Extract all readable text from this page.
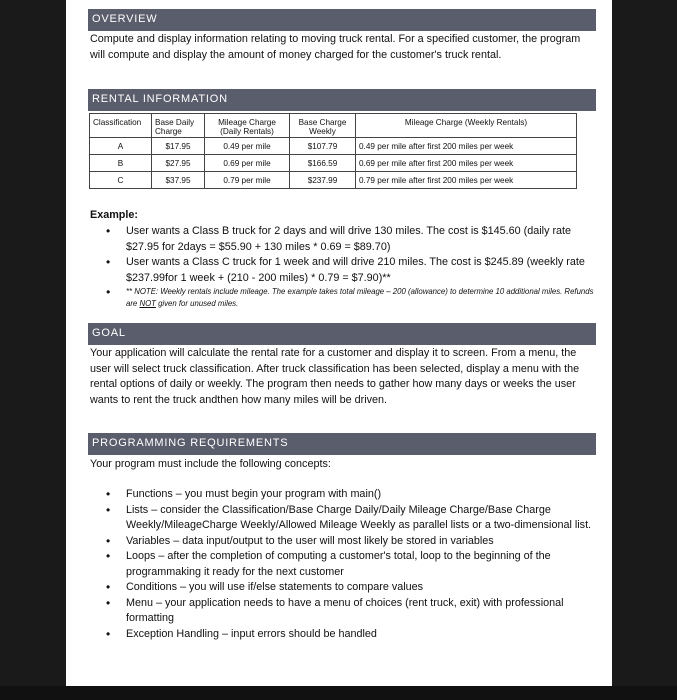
OVERVIEW
Compute and display information relating to moving truck rental. For a specified customer, the program will compute and display the amount of money charged for the customer's truck rental.
RENTAL INFORMATION
Classification	Base Daily Charge	Mileage Charge (Daily Rentals)	Base Charge Weekly	Mileage Charge (Weekly Rentals)
A	$17.95	0.49 per mile	$107.79	0.49 per mile after first 200 miles per week
B	$27.95	0.69 per mile	$166.59	0.69 per mile after first 200 miles per week
C	$37.95	0.79 per mile	$237.99	0.79 per mile after first 200 miles per week
Example:
• User wants a Class B truck for 2 days and will drive 130 miles. The cost is $145.60 (daily rate $27.95 for 2days = $55.90 + 130 miles * 0.69 = $89.70)
• User wants a Class C truck for 1 week and will drive 210 miles. The cost is $245.89 (weekly rate $237.99for 1 week + (210 - 200 miles) * 0.79 = $7.90)**
• ** NOTE: Weekly rentals include mileage. The example takes total mileage – 200 (allowance) to determine 10 additional miles. Refunds are NOT given for unused miles.
GOAL
Your application will calculate the rental rate for a customer and display it to screen. From a menu, the user will select truck classification. After truck classification has been selected, display a menu with the rental options of daily or weekly. The program then needs to gather how many days or weeks the user wants to rent the truck andthen how many miles will be driven.
PROGRAMMING REQUIREMENTS
Your program must include the following concepts:
• Functions – you must begin your program with main()
• Lists – consider the Classification/Base Charge Daily/Daily Mileage Charge/Base Charge Weekly/MileageCharge Weekly/Allowed Mileage Weekly as parallel lists or a two-dimensional list.
• Variables – data input/output to the user will most likely be stored in variables
• Loops – after the completion of computing a customer's total, loop to the beginning of the programmaking it ready for the next customer
• Conditions – you will use if/else statements to compare values
• Menu – your application needs to have a menu of choices (rent truck, exit) with professional formatting
• Exception Handling – input errors should be handled
